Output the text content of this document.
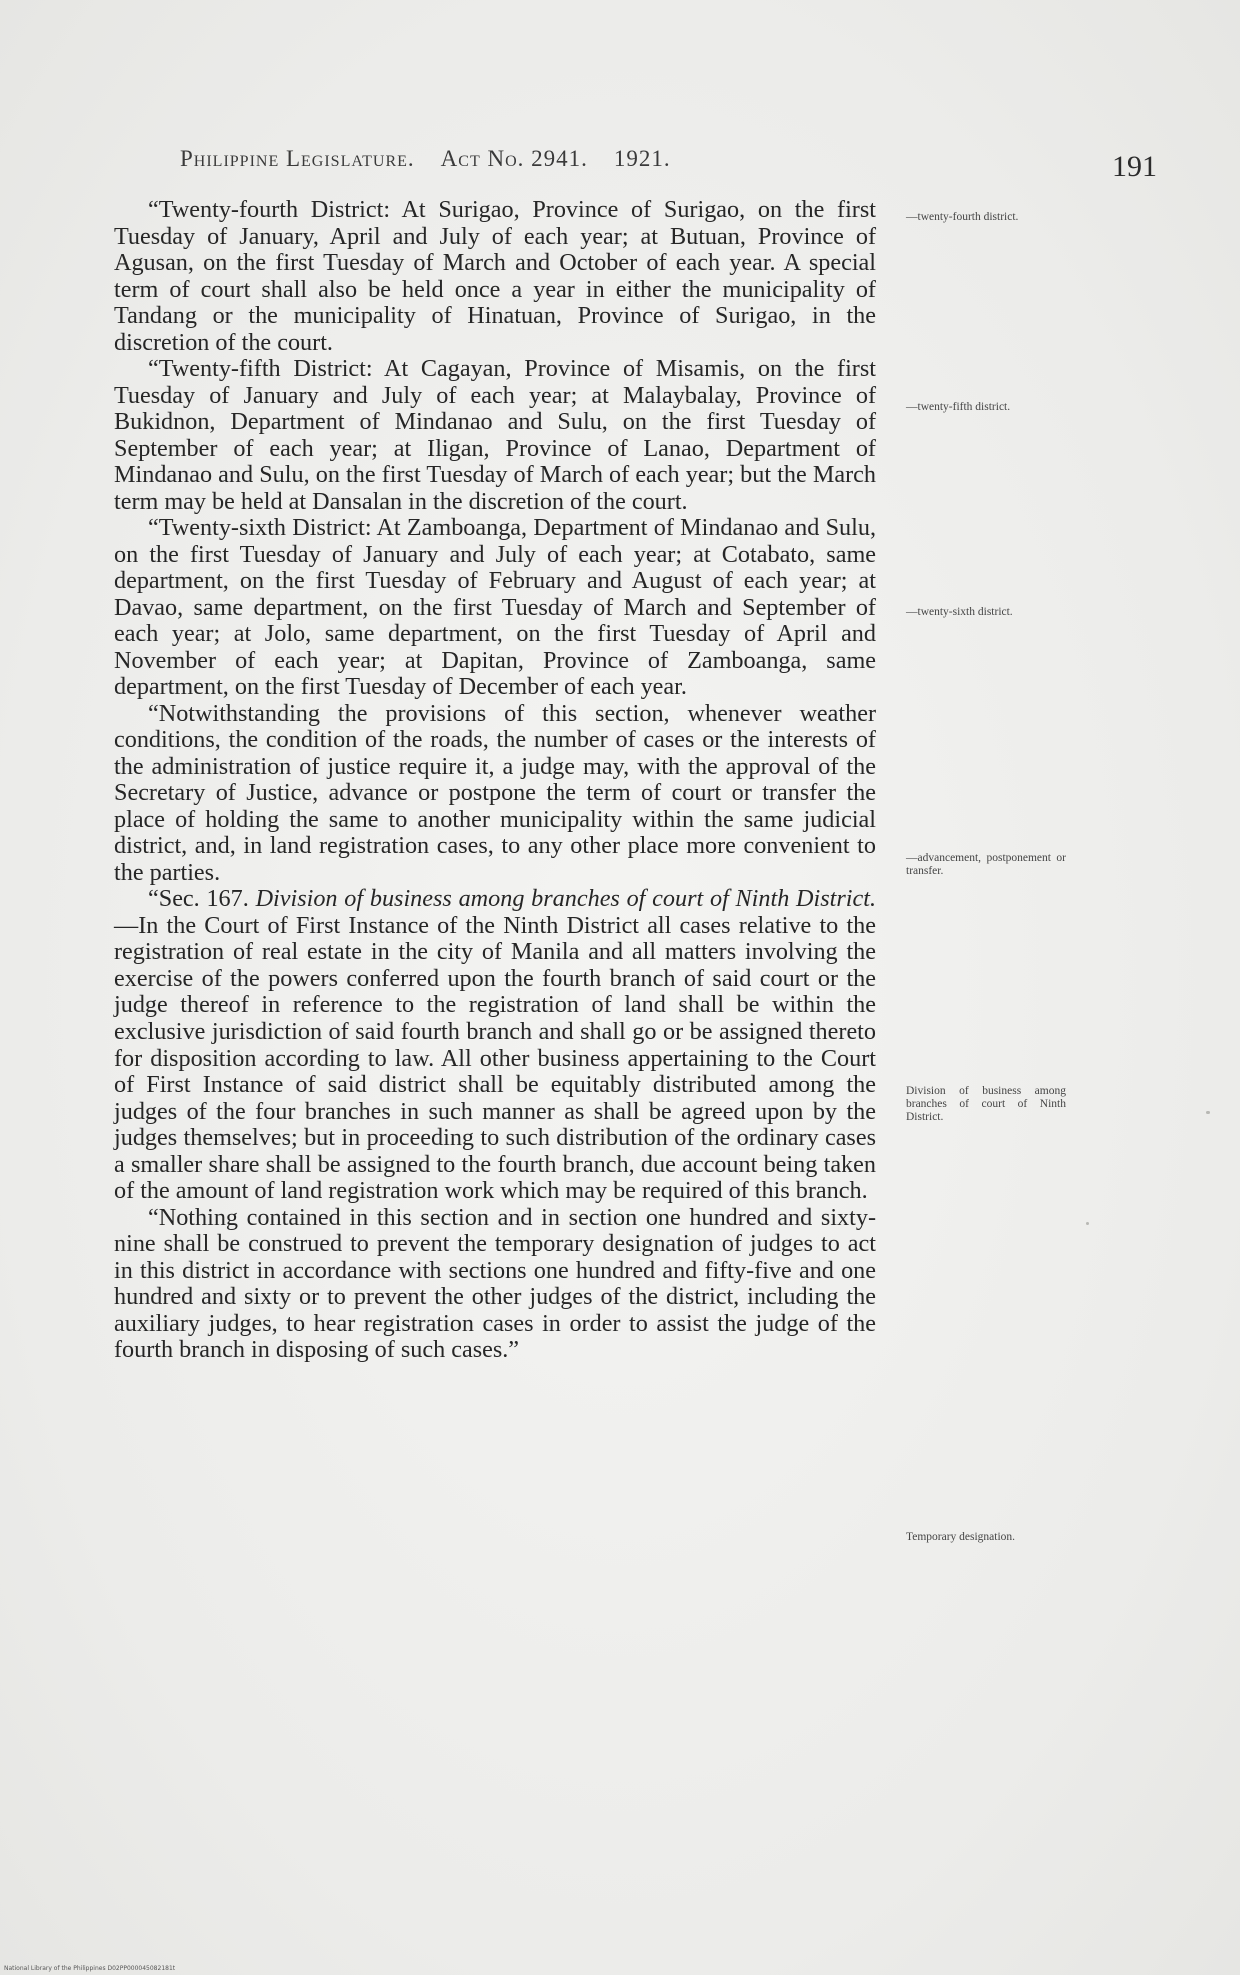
Philippine Legislature. Act No. 2941. 1921.	191

“Twenty-fourth District: At Surigao, Province of Surigao, on the first Tuesday of January, April and July of each year; at Butuan, Province of Agusan, on the first Tuesday of March and October of each year. A special term of court shall also be held once a year in either the municipality of Tandang or the municipality of Hinatuan, Province of Surigao, in the discretion of the court.

“Twenty-fifth District: At Cagayan, Province of Misamis, on the first Tuesday of January and July of each year; at Malaybalay, Province of Bukidnon, Department of Mindanao and Sulu, on the first Tuesday of September of each year; at Iligan, Province of Lanao, Department of Mindanao and Sulu, on the first Tuesday of March of each year; but the March term may be held at Dansalan in the discretion of the court.

“Twenty-sixth District: At Zamboanga, Department of Mindanao and Sulu, on the first Tuesday of January and July of each year; at Cotabato, same department, on the first Tuesday of February and August of each year; at Davao, same department, on the first Tuesday of March and September of each year; at Jolo, same department, on the first Tuesday of April and November of each year; at Dapitan, Province of Zamboanga, same department, on the first Tuesday of December of each year.

“Notwithstanding the provisions of this section, whenever weather conditions, the condition of the roads, the number of cases or the interests of the administration of justice require it, a judge may, with the approval of the Secretary of Justice, advance or postpone the term of court or transfer the place of holding the same to another municipality within the same judicial district, and, in land registration cases, to any other place more convenient to the parties.

“Sec. 167. Division of business among branches of court of Ninth District.—In the Court of First Instance of the Ninth District all cases relative to the registration of real estate in the city of Manila and all matters involving the exercise of the powers conferred upon the fourth branch of said court or the judge thereof in reference to the registration of land shall be within the exclusive jurisdiction of said fourth branch and shall go or be assigned thereto for disposition according to law. All other business appertaining to the Court of First Instance of said district shall be equitably distributed among the judges of the four branches in such manner as shall be agreed upon by the judges themselves; but in proceeding to such distribution of the ordinary cases a smaller share shall be assigned to the fourth branch, due account being taken of the amount of land registration work which may be required of this branch.

“Nothing contained in this section and in section one hundred and sixty-nine shall be construed to prevent the temporary designation of judges to act in this district in accordance with sections one hundred and fifty-five and one hundred and sixty or to prevent the other judges of the district, including the auxiliary judges, to hear registration cases in order to assist the judge of the fourth branch in disposing of such cases.”

—twenty-fourth district.
—twenty-fifth district.
—twenty-sixth district.
—advancement, postponement or transfer.
Division of business among branches of court of Ninth District.
Temporary designation.
National Library of the Philippines D02PP000045082181t
